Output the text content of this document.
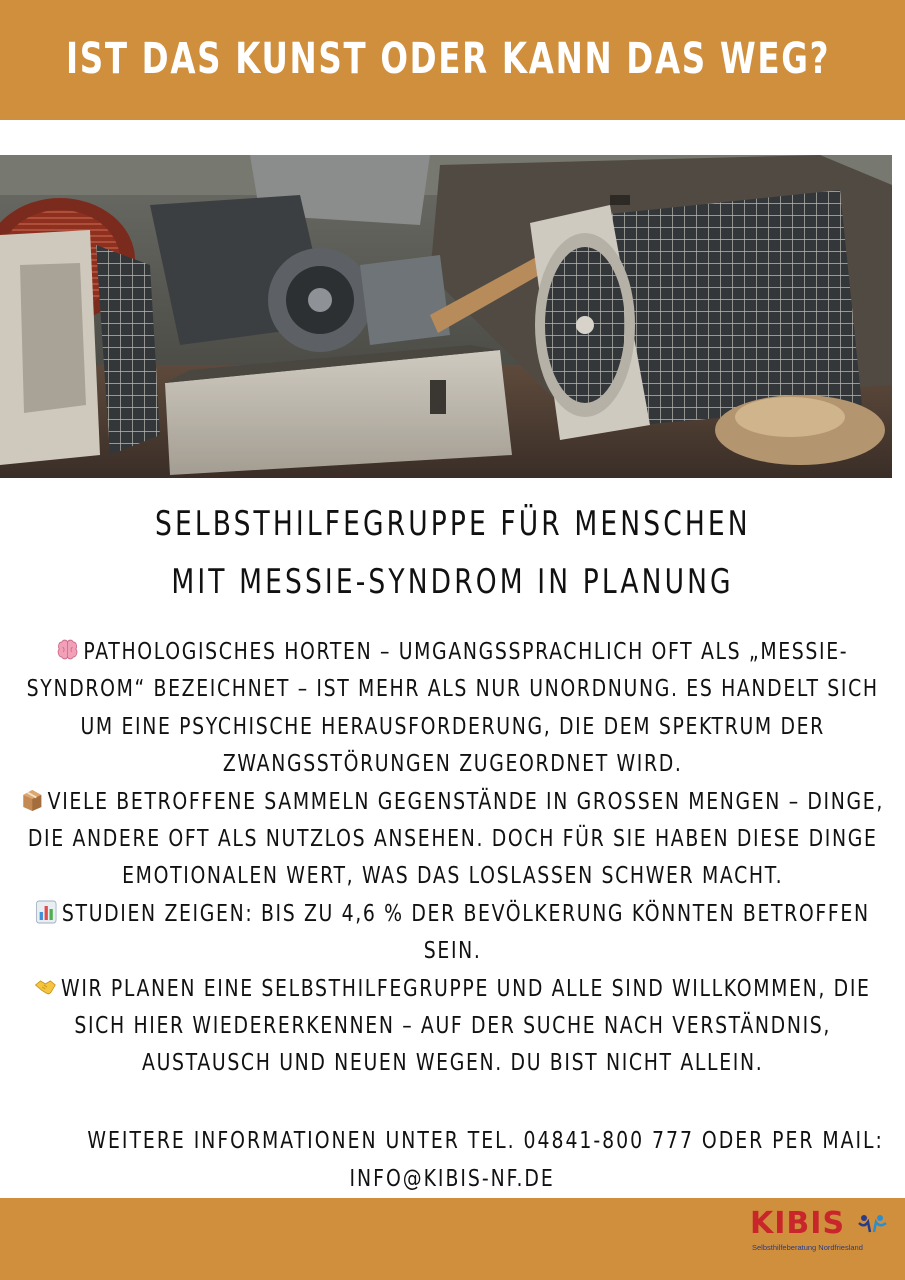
IST DAS KUNST ODER KANN DAS WEG?
SELBSTHILFEGRUPPE FÜR MENSCHEN
MIT MESSIE-SYNDROM IN PLANUNG
PATHOLOGISCHES HORTEN – UMGANGSSPRACHLICH OFT ALS „MESSIE-SYNDROM“ BEZEICHNET – IST MEHR ALS NUR UNORDNUNG. ES HANDELT SICH UM EINE PSYCHISCHE HERAUSFORDERUNG, DIE DEM SPEKTRUM DER ZWANGSSTÖRUNGEN ZUGEORDNET WIRD.
VIELE BETROFFENE SAMMELN GEGENSTÄNDE IN GROSSEN MENGEN – DINGE, DIE ANDERE OFT ALS NUTZLOS ANSEHEN. DOCH FÜR SIE HABEN DIESE DINGE EMOTIONALEN WERT, WAS DAS LOSLASSEN SCHWER MACHT.
STUDIEN ZEIGEN: BIS ZU 4,6 % DER BEVÖLKERUNG KÖNNTEN BETROFFEN SEIN.
WIR PLANEN EINE SELBSTHILFEGRUPPE UND ALLE SIND WILLKOMMEN, DIE SICH HIER WIEDERERKENNEN – AUF DER SUCHE NACH VERSTÄNDNIS, AUSTAUSCH UND NEUEN WEGEN. DU BIST NICHT ALLEIN.
WEITERE INFORMATIONEN UNTER TEL. 04841-800 777 ODER PER MAIL:
INFO@KIBIS-NF.DE
KIBIS
Selbsthilfeberatung Nordfriesland
